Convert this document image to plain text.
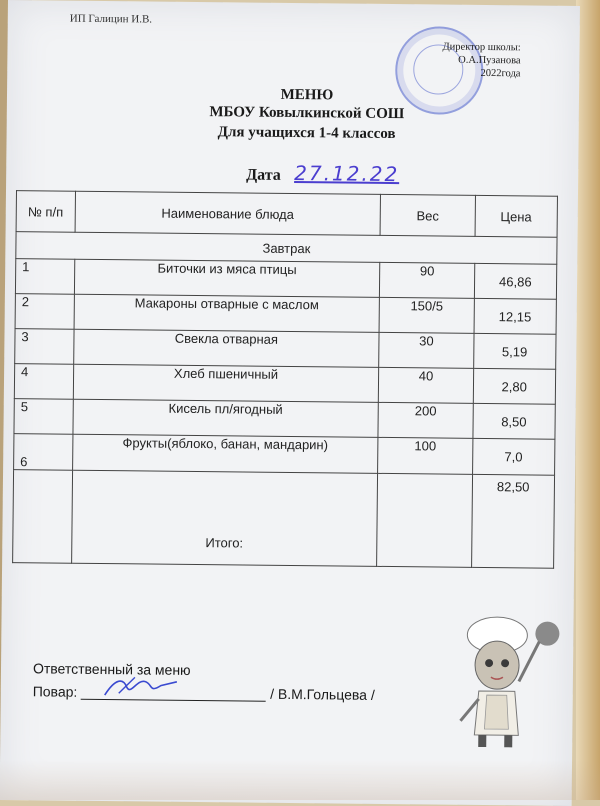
ИП Галицин И.В.
Директор школы:
О.А.Пузанова
2022года
МЕНЮ
МБОУ Ковылкинской СОШ
Для учащихся 1-4 классов
Дата 27.12.22
№ п/п	Наименование блюда	Вес	Цена
Завтрак			
1	Биточки из мяса птицы	90	46,86
2	Макароны отварные с маслом	150/5	12,15
3	Свекла отварная	30	5,19
4	Хлеб пшеничный	40	2,80
5	Кисель пл/ягодный	200	8,50
6	Фрукты(яблоко, банан, мандарин)	100	7,0
	Итого:		82,50
Ответственный за меню
Повар:	/ В.М.Гольцева /
